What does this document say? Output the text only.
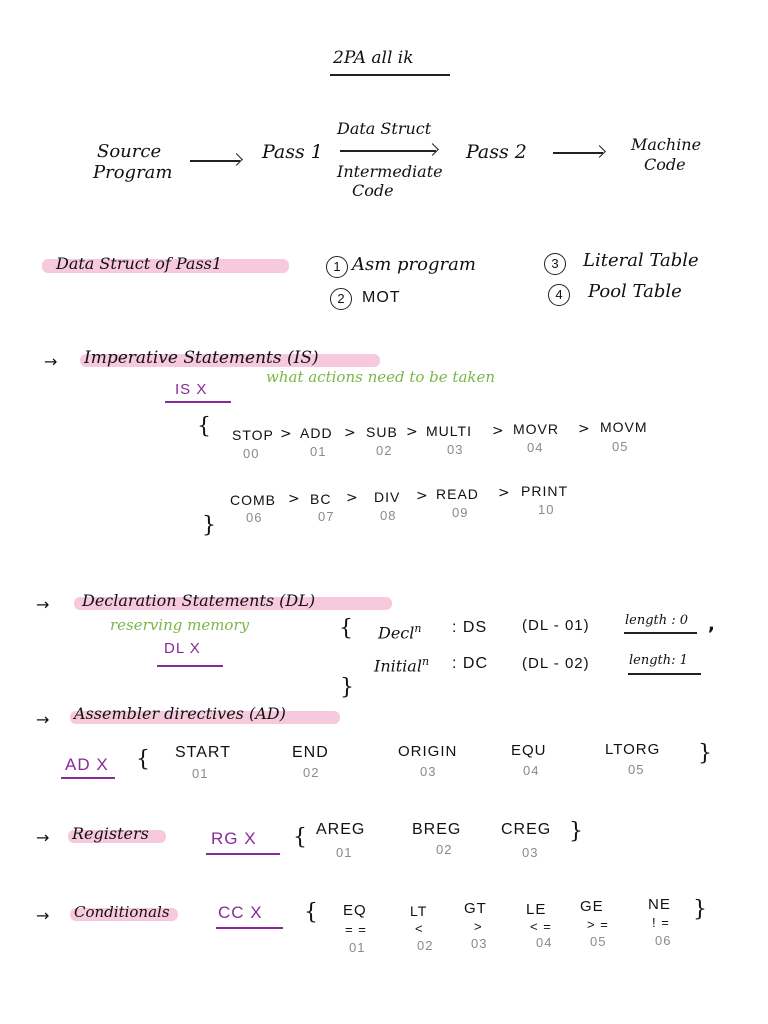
2PA all ik
Source
Program
Pass 1
Data Struct
Intermediate
Code
Pass 2	Machine
Code
Data Struct of Pass1	1 Asm program
2	MOT
3	Literal Table
4	Pool Table
→ Imperative Statements (IS)
IS X
what actions need to be taken
{ STOP
00
> ADD
01
> SUB
02
> MULTI
03
> MOVR
04
> MOVM
05
COMB
06
> BC
07
> DIV
08
> READ
09
> PRINT
10
}
→ Declaration Statements (DL)
reserving memory
DL X
{ Decl$^n$ : DS (DL - 01)	length : 0 ,
Initial$^n$ : DC (DL - 02)	length: 1
}
→ Assembler directives (AD)
AD X { START
01
END
02
ORIGIN
03
EQU
04
LTORG
05
}
→ Registers	RG X { AREG
01
BREG
02
CREG
03
}
→ Conditionals	CC X { EQ
= =
01
LT
<
02
GT
>
03
LE
< =
04
GE
> =
05
NE
! =
06
}
